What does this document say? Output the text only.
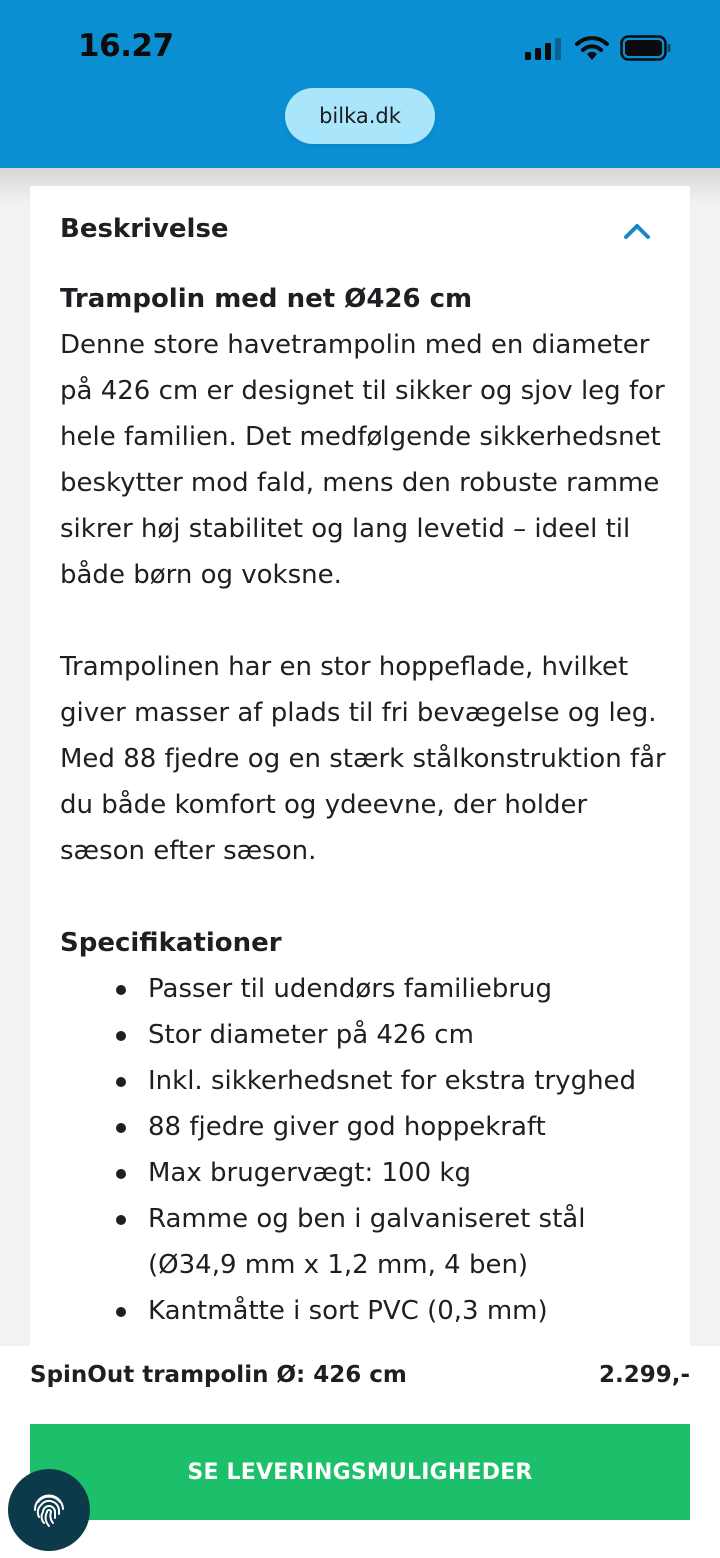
16.27
bilka.dk
Beskrivelse

Trampolin med net Ø426 cm

Denne store havetrampolin med en diameter på 426 cm er designet til sikker og sjov leg for hele familien. Det medfølgende sikkerhedsnet beskytter mod fald, mens den robuste ramme sikrer høj stabilitet og lang levetid – ideel til både børn og voksne.

Trampolinen har en stor hoppeflade, hvilket giver masser af plads til fri bevægelse og leg. Med 88 fjedre og en stærk stålkonstruktion får du både komfort og ydeevne, der holder sæson efter sæson.

Specifikationer

Passer til udendørs familiebrug
Stor diameter på 426 cm
Inkl. sikkerhedsnet for ekstra tryghed
88 fjedre giver god hoppekraft
Max brugervægt: 100 kg
Ramme og ben i galvaniseret stål (Ø34,9 mm x 1,2 mm, 4 ben)
Kantmåtte i sort PVC (0,3 mm)
SpinOut trampolin Ø: 426 cm	2.299,-
SE LEVERINGSMULIGHEDER
